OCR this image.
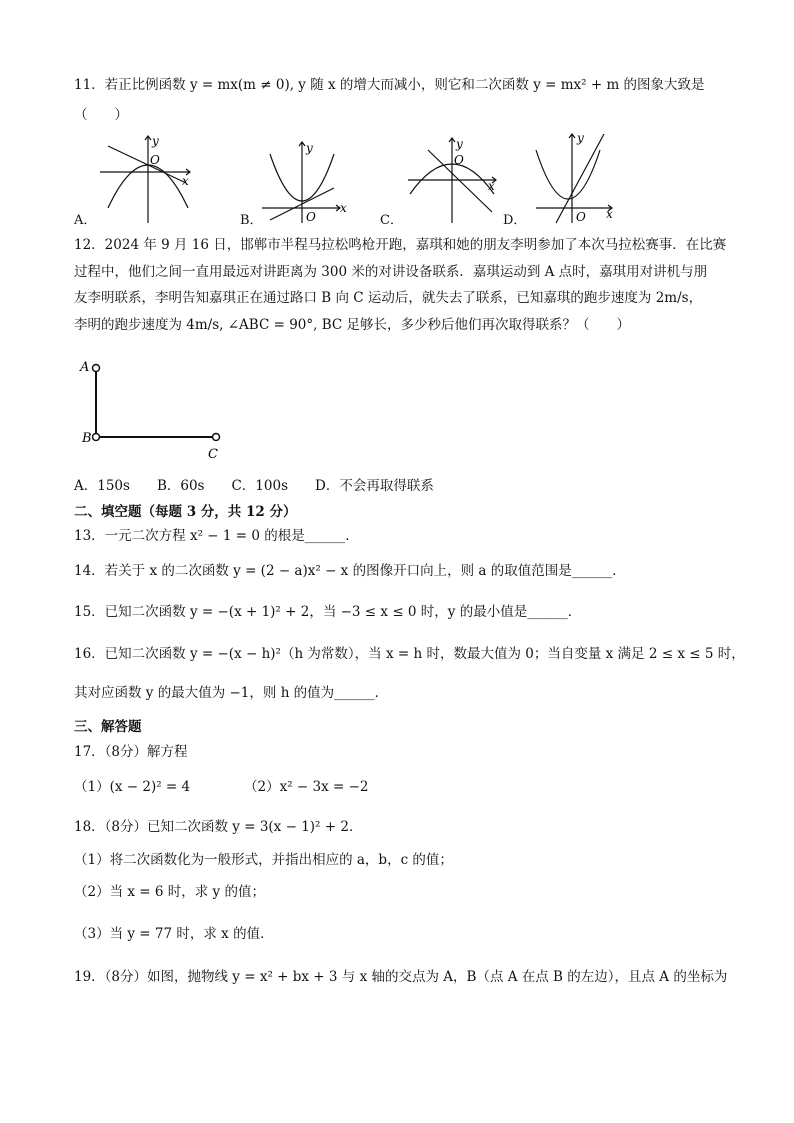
11．若正比例函数 y = mx(m ≠ 0), y 随 x 的增大而减小，则它和二次函数 y = mx² + m 的图象大致是
（　　）
y
O
x
y
O
x
y
O
x
y
O x
A．	B．	C．	D．
12．2024 年 9 月 16 日，邯郸市半程马拉松鸣枪开跑，嘉琪和她的朋友李明参加了本次马拉松赛事．在比赛
过程中，他们之间一直用最远对讲距离为 300 米的对讲设备联系．嘉琪运动到 A 点时，嘉琪用对讲机与朋
友李明联系，李明告知嘉琪正在通过路口 B 向 C 运动后，就失去了联系，已知嘉琪的跑步速度为 2m/s，
李明的跑步速度为 4m/s, ∠ABC = 90°, BC 足够长，多少秒后他们再次取得联系？（　　）
A
B
C
A．150s　　B．60s　　C．100s　　D．不会再取得联系
二、填空题（每题 3 分，共 12 分）
13．一元二次方程 x² − 1 = 0 的根是______．
14．若关于 x 的二次函数 y = (2 − a)x² − x 的图像开口向上，则 a 的取值范围是______．
15．已知二次函数 y = −(x + 1)² + 2，当 −3 ≤ x ≤ 0 时，y 的最小值是______．
16．已知二次函数 y = −(x − h)²（h 为常数），当 x = h 时，数最大值为 0；当自变量 x 满足 2 ≤ x ≤ 5 时，
其对应函数 y 的最大值为 −1，则 h 的值为______．
三、解答题
17．（8分）解方程
（1）(x − 2)² = 4	（2）x² − 3x = −2
18．（8分）已知二次函数 y = 3(x − 1)² + 2．
（1）将二次函数化为一般形式，并指出相应的 a，b，c 的值；
（2）当 x = 6 时，求 y 的值；
（3）当 y = 77 时，求 x 的值．
19．（8分）如图，抛物线 y = x² + bx + 3 与 x 轴的交点为 A，B（点 A 在点 B 的左边），且点 A 的坐标为
